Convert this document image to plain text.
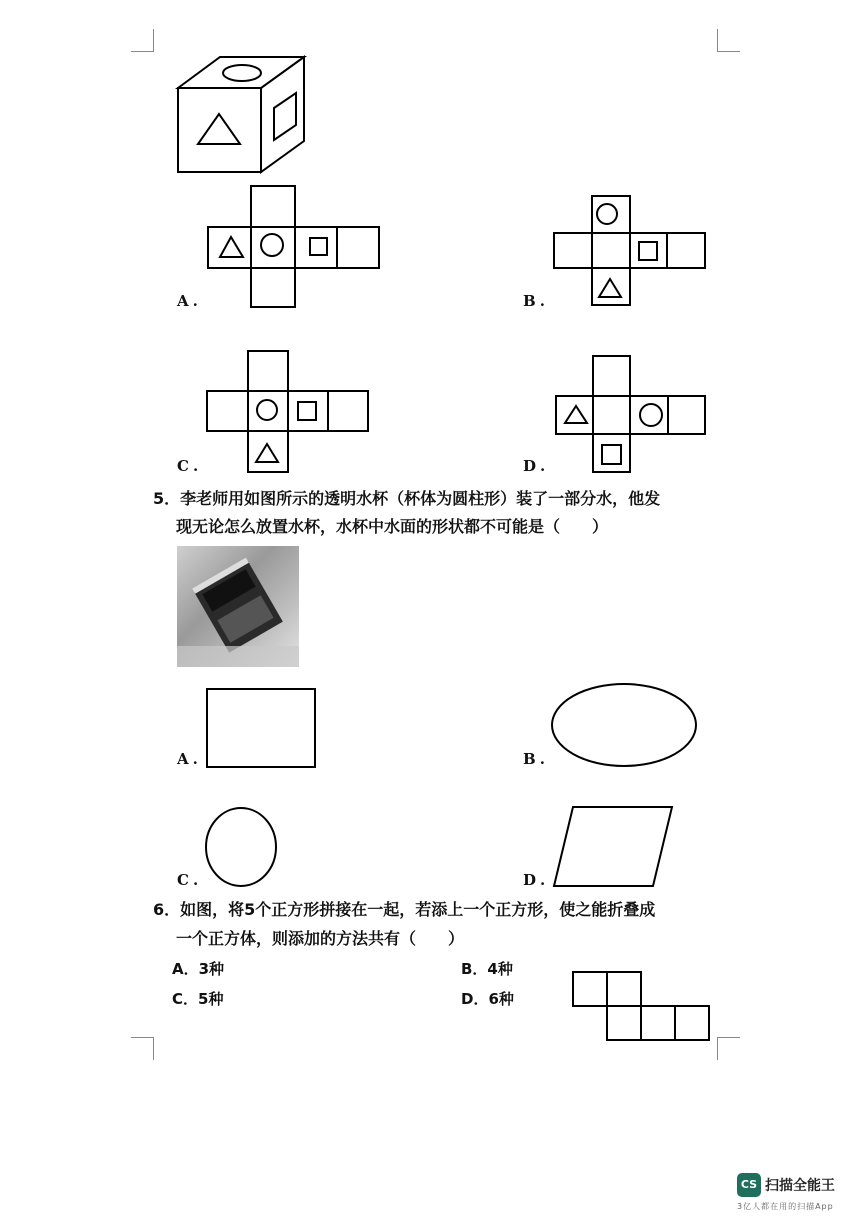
A .	B .
C .	D .
5．李老师用如图所示的透明水杯（杯体为圆柱形）装了一部分水，他发
现无论怎么放置水杯，水杯中水面的形状都不可能是（　　）
A .	B .
C .	D .
6．如图，将5个正方形拼接在一起，若添上一个正方形，使之能折叠成
一个正方体，则添加的方法共有（　　）
A．3种	B．4种
C．5种	D．6种
CS 扫描全能王
3亿人都在用的扫描App
